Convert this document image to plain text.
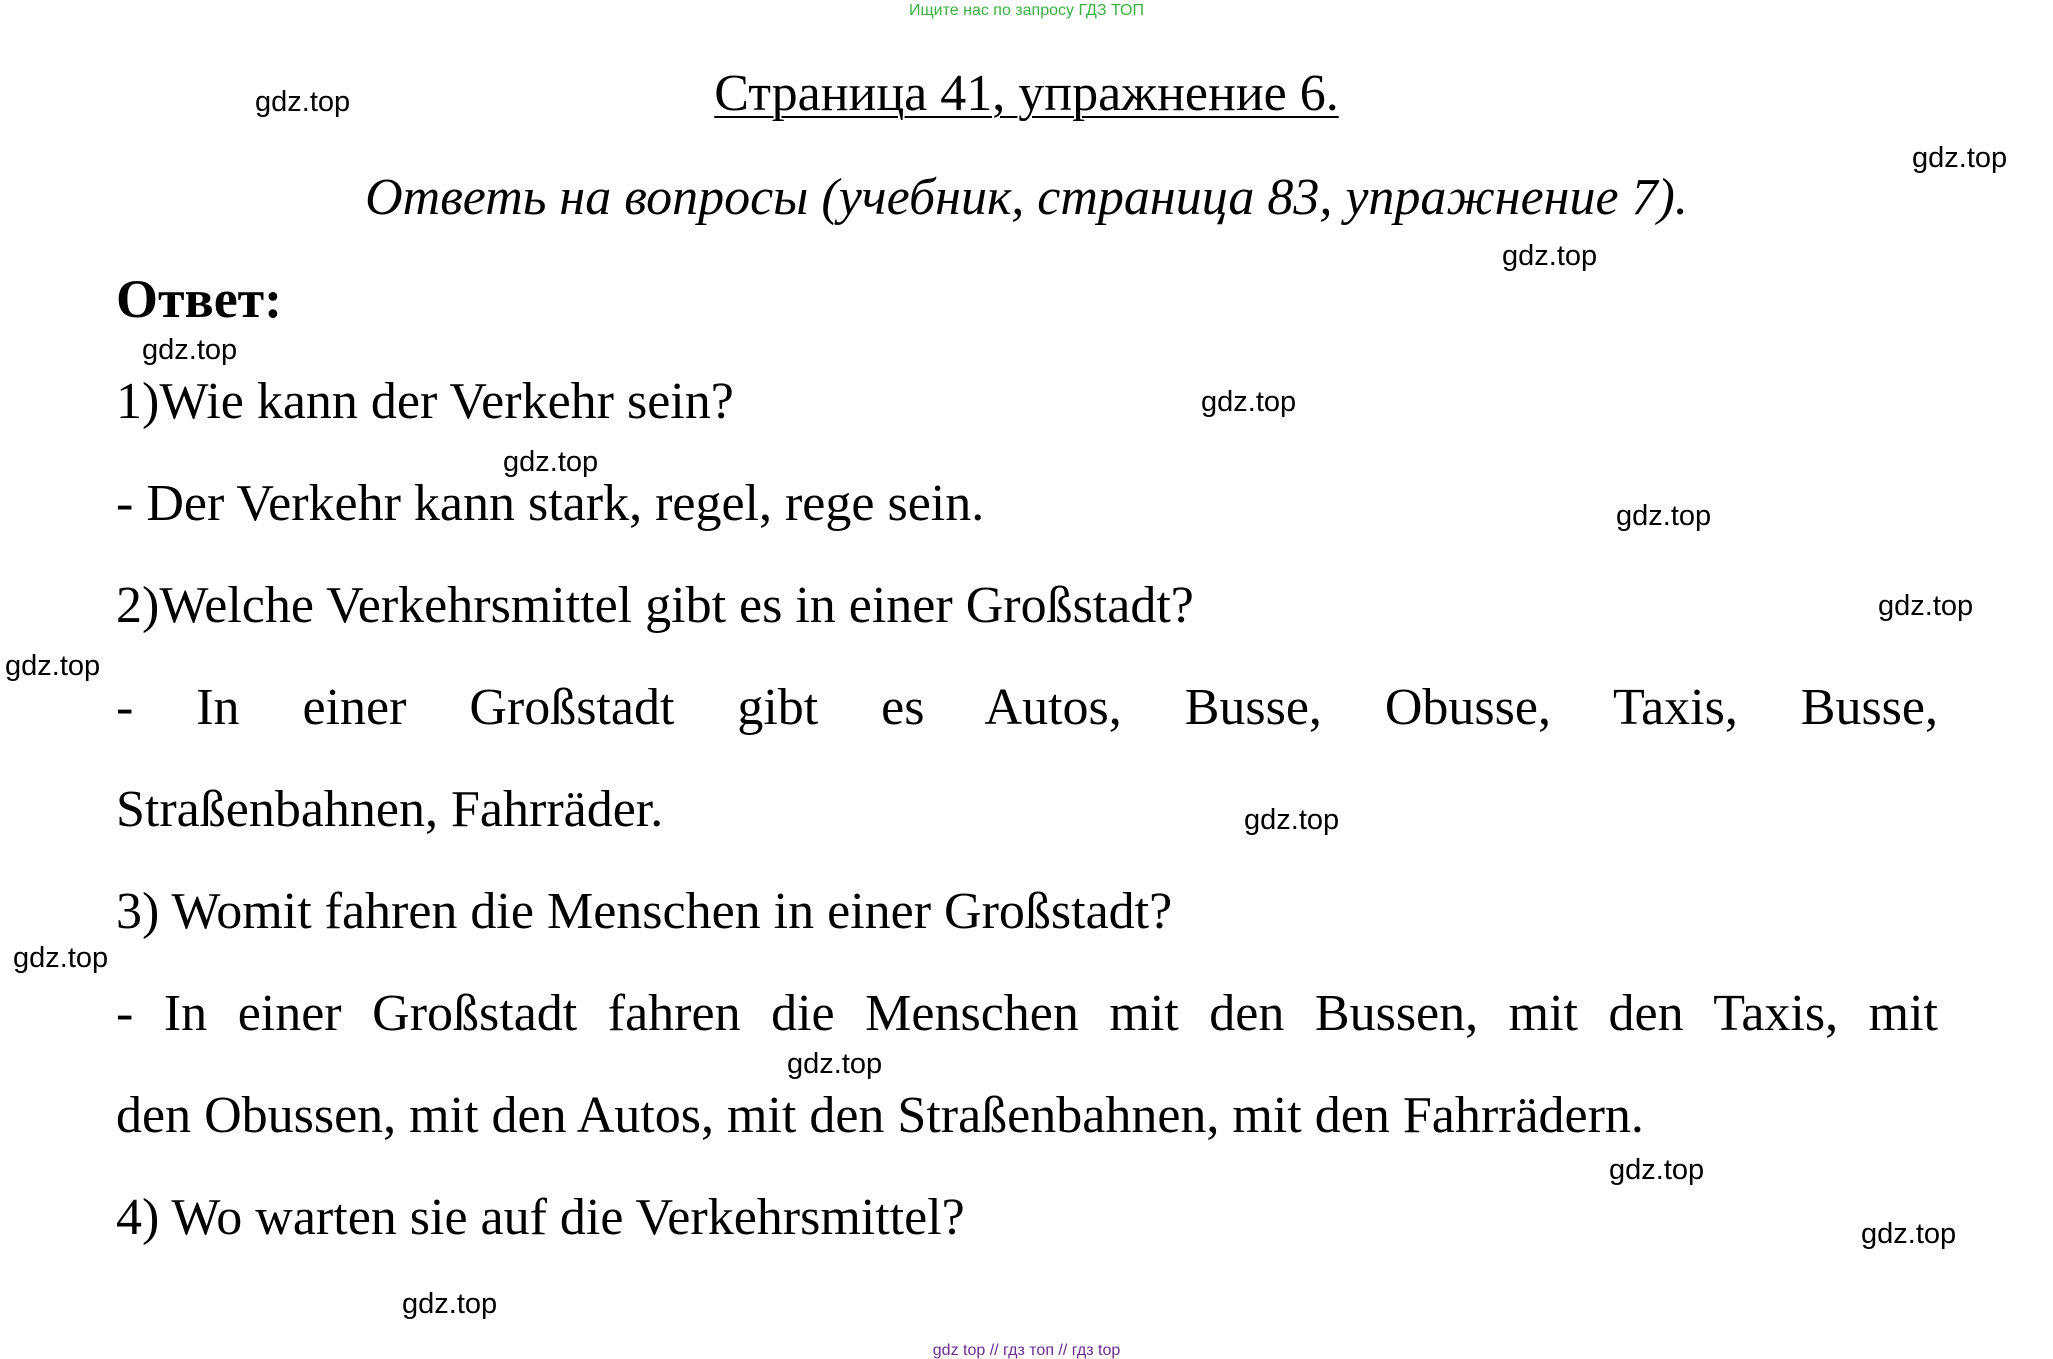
Ищите нас по запросу ГДЗ ТОП
Страница 41, упражнение 6.
Ответь на вопросы (учебник, страница 83, упражнение 7).
Ответ:
1)Wie kann der Verkehr sein?
- Der Verkehr kann stark, regel, rege sein.
2)Welche Verkehrsmittel gibt es in einer Großstadt?
- In einer Großstadt gibt es Autos, Busse, Obusse, Taxis, Busse,
Straßenbahnen, Fahrräder.
3) Womit fahren die Menschen in einer Großstadt?
- In einer Großstadt fahren die Menschen mit den Bussen, mit den Taxis, mit
den Obussen, mit den Autos, mit den Straßenbahnen, mit den Fahrrädern.
4) Wo warten sie auf die Verkehrsmittel?
gdz.top
gdz.top
gdz.top
gdz.top
gdz.top
gdz.top
gdz.top
gdz.top
gdz.top
gdz.top
gdz.top
gdz.top
gdz.top
gdz.top
gdz.top
gdz top // гдз топ // гдз top
